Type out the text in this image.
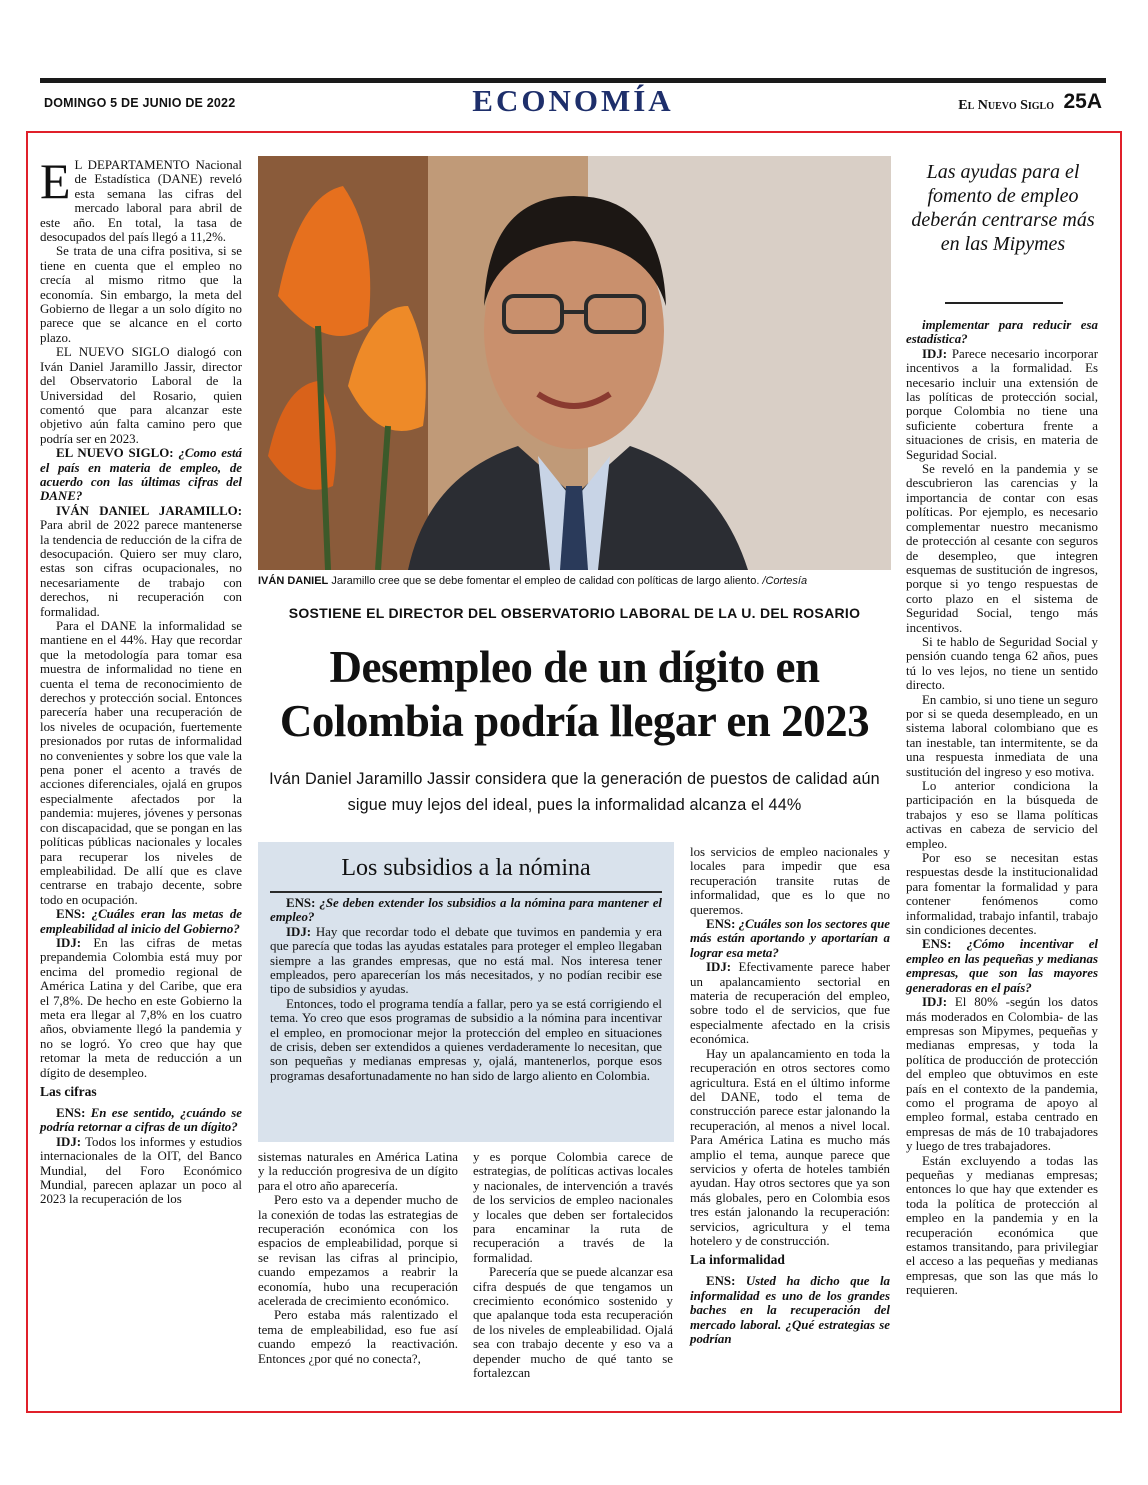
DOMINGO 5 DE JUNIO DE 2022	ECONOMÍA	El Nuevo Siglo 25A

E L DEPARTAMENTO Nacional de Estadística (DANE) reveló esta semana las cifras del mercado laboral para abril de este año. En total, la tasa de desocupados del país llegó a 11,2%.

Se trata de una cifra positiva, si se tiene en cuenta que el empleo no crecía al mismo ritmo que la economía. Sin embargo, la meta del Gobierno de llegar a un solo dígito no parece que se alcance en el corto plazo.

EL NUEVO SIGLO dialogó con Iván Daniel Jaramillo Jassir, director del Observatorio Laboral de la Universidad del Rosario, quien comentó que para alcanzar este objetivo aún falta camino pero que podría ser en 2023.

EL NUEVO SIGLO: ¿Como está el país en materia de empleo, de acuerdo con las últimas cifras del DANE?

IVÁN DANIEL JARAMILLO: Para abril de 2022 parece mantenerse la tendencia de reducción de la cifra de desocupación. Quiero ser muy claro, estas son cifras ocupacionales, no necesariamente de trabajo con derechos, ni recuperación con formalidad.

Para el DANE la informalidad se mantiene en el 44%. Hay que recordar que la metodología para tomar esa muestra de informalidad no tiene en cuenta el tema de reconocimiento de derechos y protección social. Entonces parecería haber una recuperación de los niveles de ocupación, fuertemente presionados por rutas de informalidad no convenientes y sobre los que vale la pena poner el acento a través de acciones diferenciales, ojalá en grupos especialmente afectados por la pandemia: mujeres, jóvenes y personas con discapacidad, que se pongan en las políticas públicas nacionales y locales para recuperar los niveles de empleabilidad. De allí que es clave centrarse en trabajo decente, sobre todo en ocupación.

ENS: ¿Cuáles eran las metas de empleabilidad al inicio del Gobierno?

IDJ: En las cifras de metas prepandemia Colombia está muy por encima del promedio regional de América Latina y del Caribe, que era el 7,8%. De hecho en este Gobierno la meta era llegar al 7,8% en los cuatro años, obviamente llegó la pandemia y no se logró. Yo creo que hay que retomar la meta de reducción a un dígito de desempleo.

Las cifras

ENS: En ese sentido, ¿cuándo se podría retornar a cifras de un dígito?

IDJ: Todos los informes y estudios internacionales de la OIT, del Banco Mundial, del Foro Económico Mundial, parecen aplazar un poco al 2023 la recuperación de los

IVÁN DANIEL Jaramillo cree que se debe fomentar el empleo de calidad con políticas de largo aliento. /Cortesía
SOSTIENE EL DIRECTOR DEL OBSERVATORIO LABORAL DE LA U. DEL ROSARIO
Desempleo de un dígito en Colombia podría llegar en 2023
Iván Daniel Jaramillo Jassir considera que la generación de puestos de calidad aún sigue muy lejos del ideal, pues la informalidad alcanza el 44%
Las ayudas para el fomento de empleo deberán centrarse más en las Mipymes
Los subsidios a la nómina

ENS: ¿Se deben extender los subsidios a la nómina para mantener el empleo?

IDJ: Hay que recordar todo el debate que tuvimos en pandemia y era que parecía que todas las ayudas estatales para proteger el empleo llegaban siempre a las grandes empresas, que no está mal. Nos interesa tener empleados, pero aparecerían los más necesitados, y no podían recibir ese tipo de subsidios y ayudas.

Entonces, todo el programa tendía a fallar, pero ya se está corrigiendo el tema. Yo creo que esos programas de subsidio a la nómina para incentivar el empleo, en promocionar mejor la protección del empleo en situaciones de crisis, deben ser extendidos a quienes verdaderamente lo necesitan, que son pequeñas y medianas empresas y, ojalá, mantenerlos, porque esos programas desafortunadamente no han sido de largo aliento en Colombia.

sistemas naturales en América Latina y la reducción progresiva de un dígito para el otro año aparecería.

Pero esto va a depender mucho de la conexión de todas las estrategias de recuperación económica con los espacios de empleabilidad, porque si se revisan las cifras al principio, cuando empezamos a reabrir la economía, hubo una recuperación acelerada de crecimiento económico.

Pero estaba más ralentizado el tema de empleabilidad, eso fue así cuando empezó la reactivación. Entonces ¿por qué no conecta?,

y es porque Colombia carece de estrategias, de políticas activas locales y nacionales, de intervención a través de los servicios de empleo nacionales y locales que deben ser fortalecidos para encaminar la ruta de recuperación a través de la formalidad.

Parecería que se puede alcanzar esa cifra después de que tengamos un crecimiento económico sostenido y que apalanque toda esta recuperación de los niveles de empleabilidad. Ojalá sea con trabajo decente y eso va a depender mucho de qué tanto se fortalezcan

los servicios de empleo nacionales y locales para impedir que esa recuperación transite rutas de informalidad, que es lo que no queremos.

ENS: ¿Cuáles son los sectores que más están aportando y aportarían a lograr esa meta?

IDJ: Efectivamente parece haber un apalancamiento sectorial en materia de recuperación del empleo, sobre todo el de servicios, que fue especialmente afectado en la crisis económica.

Hay un apalancamiento en toda la recuperación en otros sectores como agricultura. Está en el último informe del DANE, todo el tema de construcción parece estar jalonando la recuperación, al menos a nivel local. Para América Latina es mucho más amplio el tema, aunque parece que servicios y oferta de hoteles también ayudan. Hay otros sectores que ya son más globales, pero en Colombia esos tres están jalonando la recuperación: servicios, agricultura y el tema hotelero y de construcción.

La informalidad

ENS: Usted ha dicho que la informalidad es uno de los grandes baches en la recuperación del mercado laboral. ¿Qué estrategias se podrían

implementar para reducir esa estadística?

IDJ: Parece necesario incorporar incentivos a la formalidad. Es necesario incluir una extensión de las políticas de protección social, porque Colombia no tiene una suficiente cobertura frente a situaciones de crisis, en materia de Seguridad Social.

Se reveló en la pandemia y se descubrieron las carencias y la importancia de contar con esas políticas. Por ejemplo, es necesario complementar nuestro mecanismo de protección al cesante con seguros de desempleo, que integren esquemas de sustitución de ingresos, porque si yo tengo respuestas de corto plazo en el sistema de Seguridad Social, tengo más incentivos.

Si te hablo de Seguridad Social y pensión cuando tenga 62 años, pues tú lo ves lejos, no tiene un sentido directo.

En cambio, si uno tiene un seguro por si se queda desempleado, en un sistema laboral colombiano que es tan inestable, tan intermitente, se da una respuesta inmediata de una sustitución del ingreso y eso motiva.

Lo anterior condiciona la participación en la búsqueda de trabajos y eso se llama políticas activas en cabeza de servicio del empleo.

Por eso se necesitan estas respuestas desde la institucionalidad para fomentar la formalidad y para contener fenómenos como informalidad, trabajo infantil, trabajo sin condiciones decentes.

ENS: ¿Cómo incentivar el empleo en las pequeñas y medianas empresas, que son las mayores generadoras en el país?

IDJ: El 80% -según los datos más moderados en Colombia- de las empresas son Mipymes, pequeñas y medianas empresas, y toda la política de producción de protección del empleo que obtuvimos en este país en el contexto de la pandemia, como el programa de apoyo al empleo formal, estaba centrado en empresas de más de 10 trabajadores y luego de tres trabajadores.

Están excluyendo a todas las pequeñas y medianas empresas; entonces lo que hay que extender es toda la política de protección al empleo en la pandemia y en la recuperación económica que estamos transitando, para privilegiar el acceso a las pequeñas y medianas empresas, que son las que más lo requieren.
